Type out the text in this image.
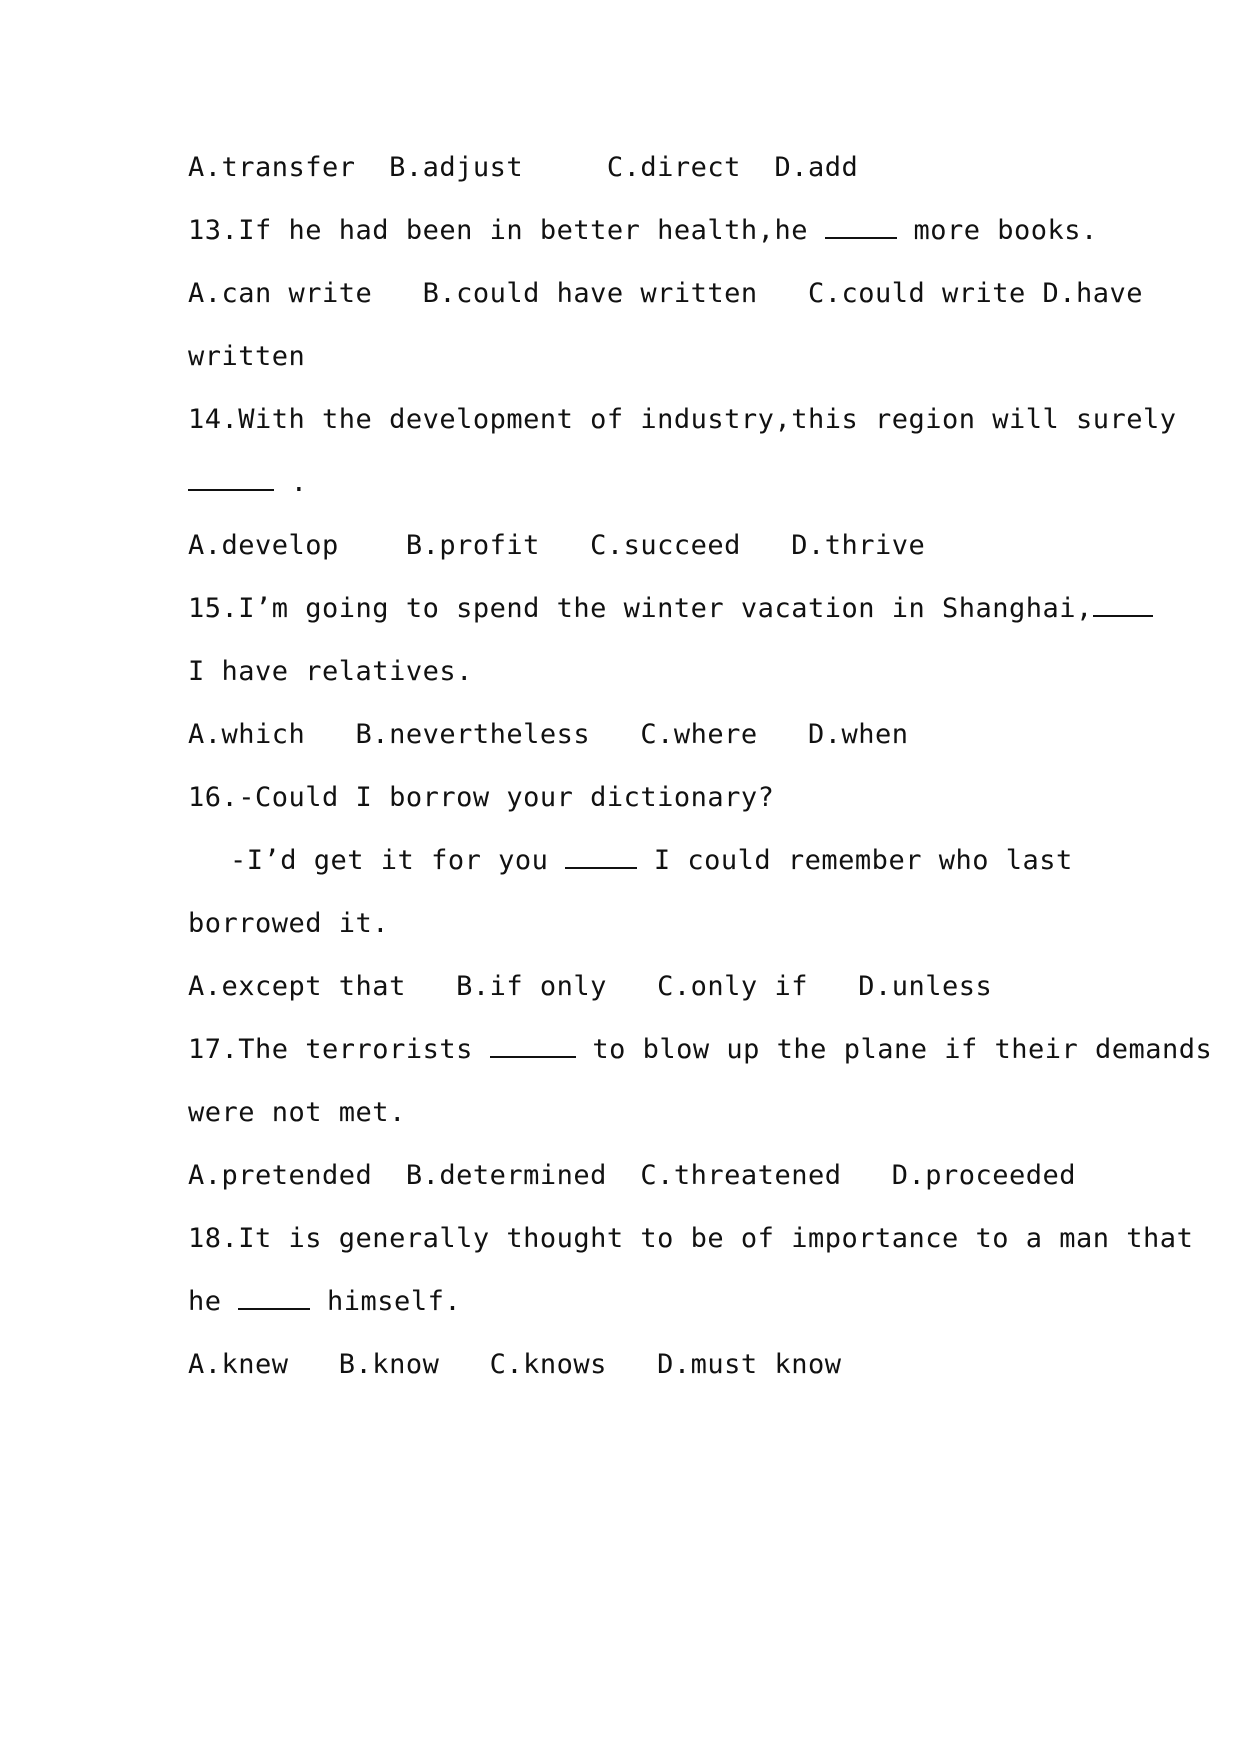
A.transfer  B.adjust     C.direct  D.add
13.If he had been in better health,he	more books.
A.can write   B.could have written   C.could write D.have
written
14.With the development of industry,this region will surely
.
A.develop    B.profit   C.succeed   D.thrive
15.I’m going to spend the winter vacation in Shanghai,
I have relatives.
A.which   B.nevertheless   C.where   D.when
16.-Could I borrow your dictionary?
-I’d get it for you	I could remember who last
borrowed it.
A.except that   B.if only   C.only if   D.unless
17.The terrorists	to blow up the plane if their demands
were not met.
A.pretended  B.determined  C.threatened   D.proceeded
18.It is generally thought to be of importance to a man that
he	himself.
A.knew   B.know   C.knows   D.must know
